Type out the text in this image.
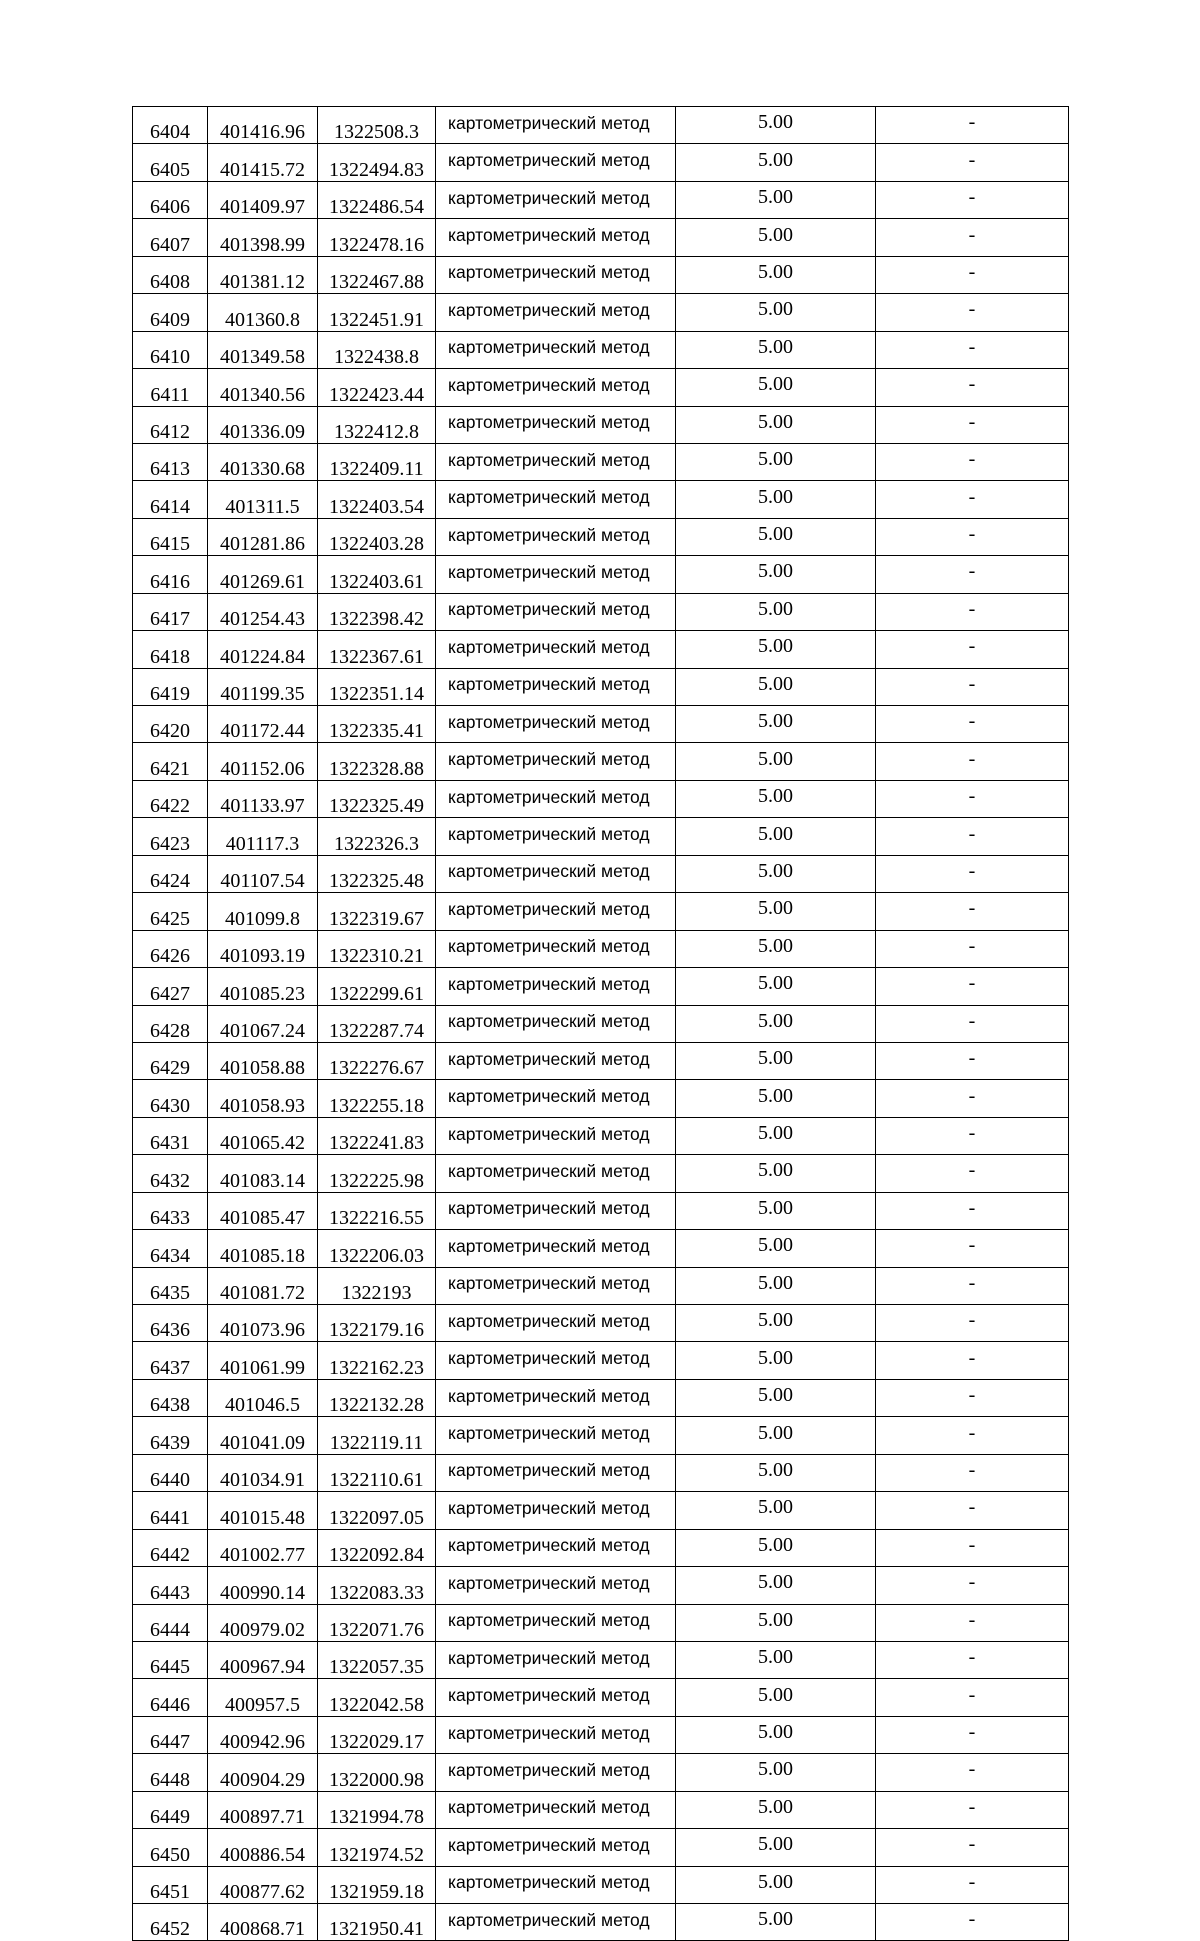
6404	401416.96	1322508.3	картометрический метод	5.00	-
6405	401415.72	1322494.83	картометрический метод	5.00	-
6406	401409.97	1322486.54	картометрический метод	5.00	-
6407	401398.99	1322478.16	картометрический метод	5.00	-
6408	401381.12	1322467.88	картометрический метод	5.00	-
6409	401360.8	1322451.91	картометрический метод	5.00	-
6410	401349.58	1322438.8	картометрический метод	5.00	-
6411	401340.56	1322423.44	картометрический метод	5.00	-
6412	401336.09	1322412.8	картометрический метод	5.00	-
6413	401330.68	1322409.11	картометрический метод	5.00	-
6414	401311.5	1322403.54	картометрический метод	5.00	-
6415	401281.86	1322403.28	картометрический метод	5.00	-
6416	401269.61	1322403.61	картометрический метод	5.00	-
6417	401254.43	1322398.42	картометрический метод	5.00	-
6418	401224.84	1322367.61	картометрический метод	5.00	-
6419	401199.35	1322351.14	картометрический метод	5.00	-
6420	401172.44	1322335.41	картометрический метод	5.00	-
6421	401152.06	1322328.88	картометрический метод	5.00	-
6422	401133.97	1322325.49	картометрический метод	5.00	-
6423	401117.3	1322326.3	картометрический метод	5.00	-
6424	401107.54	1322325.48	картометрический метод	5.00	-
6425	401099.8	1322319.67	картометрический метод	5.00	-
6426	401093.19	1322310.21	картометрический метод	5.00	-
6427	401085.23	1322299.61	картометрический метод	5.00	-
6428	401067.24	1322287.74	картометрический метод	5.00	-
6429	401058.88	1322276.67	картометрический метод	5.00	-
6430	401058.93	1322255.18	картометрический метод	5.00	-
6431	401065.42	1322241.83	картометрический метод	5.00	-
6432	401083.14	1322225.98	картометрический метод	5.00	-
6433	401085.47	1322216.55	картометрический метод	5.00	-
6434	401085.18	1322206.03	картометрический метод	5.00	-
6435	401081.72	1322193	картометрический метод	5.00	-
6436	401073.96	1322179.16	картометрический метод	5.00	-
6437	401061.99	1322162.23	картометрический метод	5.00	-
6438	401046.5	1322132.28	картометрический метод	5.00	-
6439	401041.09	1322119.11	картометрический метод	5.00	-
6440	401034.91	1322110.61	картометрический метод	5.00	-
6441	401015.48	1322097.05	картометрический метод	5.00	-
6442	401002.77	1322092.84	картометрический метод	5.00	-
6443	400990.14	1322083.33	картометрический метод	5.00	-
6444	400979.02	1322071.76	картометрический метод	5.00	-
6445	400967.94	1322057.35	картометрический метод	5.00	-
6446	400957.5	1322042.58	картометрический метод	5.00	-
6447	400942.96	1322029.17	картометрический метод	5.00	-
6448	400904.29	1322000.98	картометрический метод	5.00	-
6449	400897.71	1321994.78	картометрический метод	5.00	-
6450	400886.54	1321974.52	картометрический метод	5.00	-
6451	400877.62	1321959.18	картометрический метод	5.00	-
6452	400868.71	1321950.41	картометрический метод	5.00	-
